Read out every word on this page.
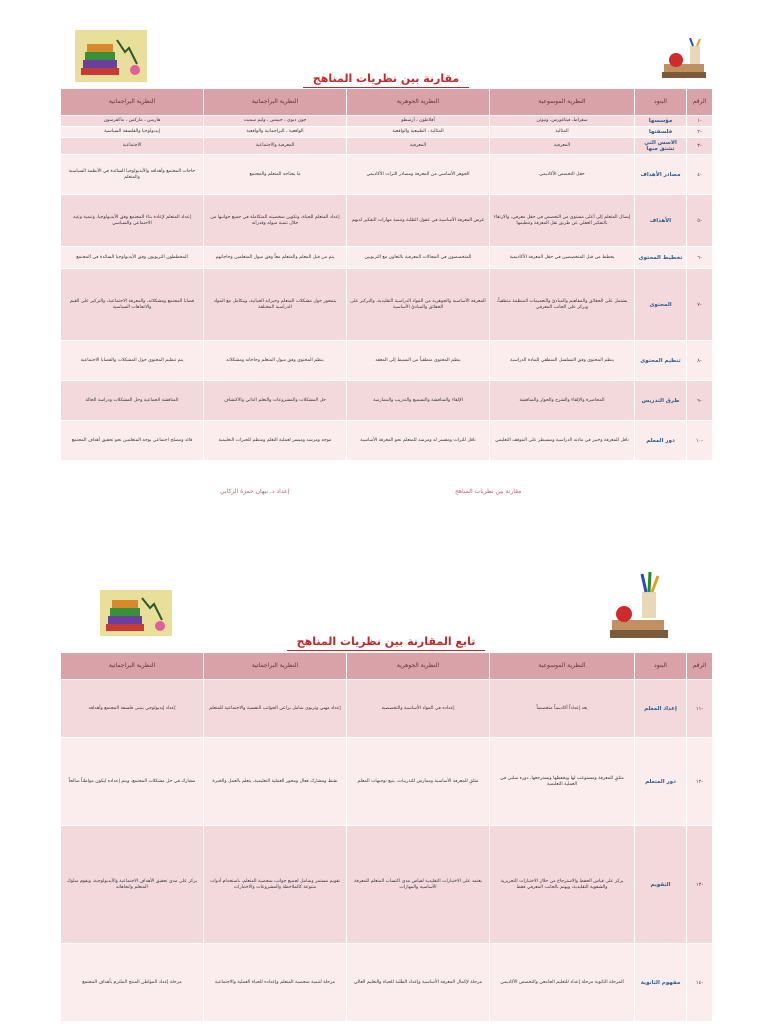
مقارنة بين نظريات المناهج
الرقم	البنود	النظرية الموسوعية	النظرية الجوهرية	النظرية البراجماتية	النظرية البراجماتية
-١	مؤسسها	سقراط، فيثاغورس، ونيوتن	أفلاطون ، أرسطو	جون ديوي ، جيمس ، وليم سميث	هاريس ، ماركس ، ماكفرسون
-٢	فلسفتها	المثالية	المثالية ، الطبيعية والواقعية	الواقعية ، البراجماتية والواقعية	إيديولوجيا والفلسفة السياسية
-٣	الاسس التي تشتق منها	المعرفية	المعرفية	المعرفية والاجتماعية	الاجتماعية
-٤	مصادر الأهداف	حقل التخصص الأكاديمي	الجوهر الأساسي من المعرفة ومصادر التراث الأكاديمي	ما يحتاجه المتعلم والمجتمع	حاجات المجتمع وأهدافه والأيديولوجيا السائدة في الأنظمة السياسية والمتعلم
-٥	الأهداف	إيصال المتعلم إلى أعلى مستوى من التخصص في حقل معرفي، والارتقاء بالتفكير العقلي عن طريق نقل المعرفة وتنظيمها	غرس المعرفة الأساسية في عقول الطلبة وتنمية مهارات التفكير لديهم	إعداد المتعلم للحياة، وتكوين شخصيته المتكاملة في جميع جوانبها من خلال تنمية ميوله وقدراته	إعداد المتعلم لإعادة بناء المجتمع وفق الأيديولوجيا، وتنمية وعيه الاجتماعي والسياسي
-٦	تخطيط المحتوى	يخطط من قبل المتخصصين في حقل المعرفة الأكاديمية	المتخصصون في المجالات المعرفية بالتعاون مع التربويين	يتم من قبل المعلم والمتعلم معاً وفق ميول المتعلمين وحاجاتهم	المخططون التربويون وفق الأيديولوجيا السائدة في المجتمع
-٧	المحتوى	يشتمل على الحقائق والمفاهيم والمبادئ والتعميمات المنظمة منطقياً، ويركز على الجانب المعرفي	المعرفة الأساسية والجوهرية من المواد الدراسية التقليدية، والتركيز على الحقائق والمبادئ الأساسية	يتمحور حول مشكلات المتعلم وخبراته الحياتية، ويتكامل مع المواد الدراسية المختلفة	قضايا المجتمع ومشكلاته، والمعرفة الاجتماعية، والتركيز على القيم والاتجاهات السياسية
-٨	تنظيم المحتوى	ينظم المحتوى وفق التسلسل المنطقي للمادة الدراسية	ينظم المحتوى منطقياً من البسيط إلى المعقد	ينظم المحتوى وفق ميول المتعلم وحاجاته ومشكلاته	يتم تنظيم المحتوى حول المشكلات والقضايا الاجتماعية
-٩	طرق التدريس	المحاضرة والإلقاء والشرح والحوار والمناقشة	الإلقاء والمناقشة والتسميع والتدريب والممارسة	حل المشكلات والمشروعات والتعلم الذاتي والاكتشاف	المناقشة الجماعية وحل المشكلات ودراسة الحالة
-١٠	دور المعلم	ناقل للمعرفة وخبير في مادته الدراسية ومسيطر على الموقف التعليمي	ناقل للتراث ومفسر له ومرشد للمتعلم نحو المعرفة الأساسية	موجه ومرشد وميسر لعملية التعلم ومنظم للخبرات التعليمية	قائد ومصلح اجتماعي يوجه المتعلمين نحو تحقيق أهداف المجتمع
إعداد د. نبهان حمزة الركابي	مقارنة بين نظريات المناهج
تابع المقارنة بين نظريات المناهج
الرقم	البنود	النظرية الموسوعية	النظرية الجوهرية	النظرية البراجماتية	النظرية البراجماتية
-١١	إعداد المعلم	يعد إعداداً أكاديمياً متخصصاً	إعداده في المواد الأساسية والتخصصية	إعداد مهني وتربوي شامل يراعي الجوانب النفسية والاجتماعية للمتعلم	إعداد إيديولوجي يتبنى فلسفة المجتمع وأهدافه
-١٢	دور المتعلم	متلقٍ للمعرفة ومستوعب لها ويحفظها ويسترجعها، دوره سلبي في العملية التعليمية	متلقٍ للمعرفة الأساسية وممارس للتدريبات، يتبع توجيهات المعلم	نشط ومشارك فعال ومحور العملية التعليمية، يتعلم بالعمل والخبرة	مشارك في حل مشكلات المجتمع، ويتم إعداده ليكون مواطناً صالحاً
-١٣	التقويم	يركز على قياس الحفظ والاسترجاع من خلال الاختبارات التحريرية والشفوية التقليدية، ويهتم بالجانب المعرفي فقط	يعتمد على الاختبارات التقليدية لقياس مدى اكتساب المتعلم للمعرفة الأساسية والمهارات	تقويم مستمر وشامل لجميع جوانب شخصية المتعلم، باستخدام أدوات متنوعة كالملاحظة والمشروعات والاختبارات	يركز على مدى تحقيق الأهداف الاجتماعية والأيديولوجية، ويقوم سلوك المتعلم واتجاهاته
-١٤	مفهوم الثانوية	المرحلة الثانوية مرحلة إعداد للتعليم الجامعي والتخصص الأكاديمي	مرحلة لإكمال المعرفة الأساسية وإعداد الطلبة للحياة والتعليم العالي	مرحلة لتنمية شخصية المتعلم وإعداده للحياة العملية والاجتماعية	مرحلة إعداد المواطن المنتج الملتزم بأهداف المجتمع
